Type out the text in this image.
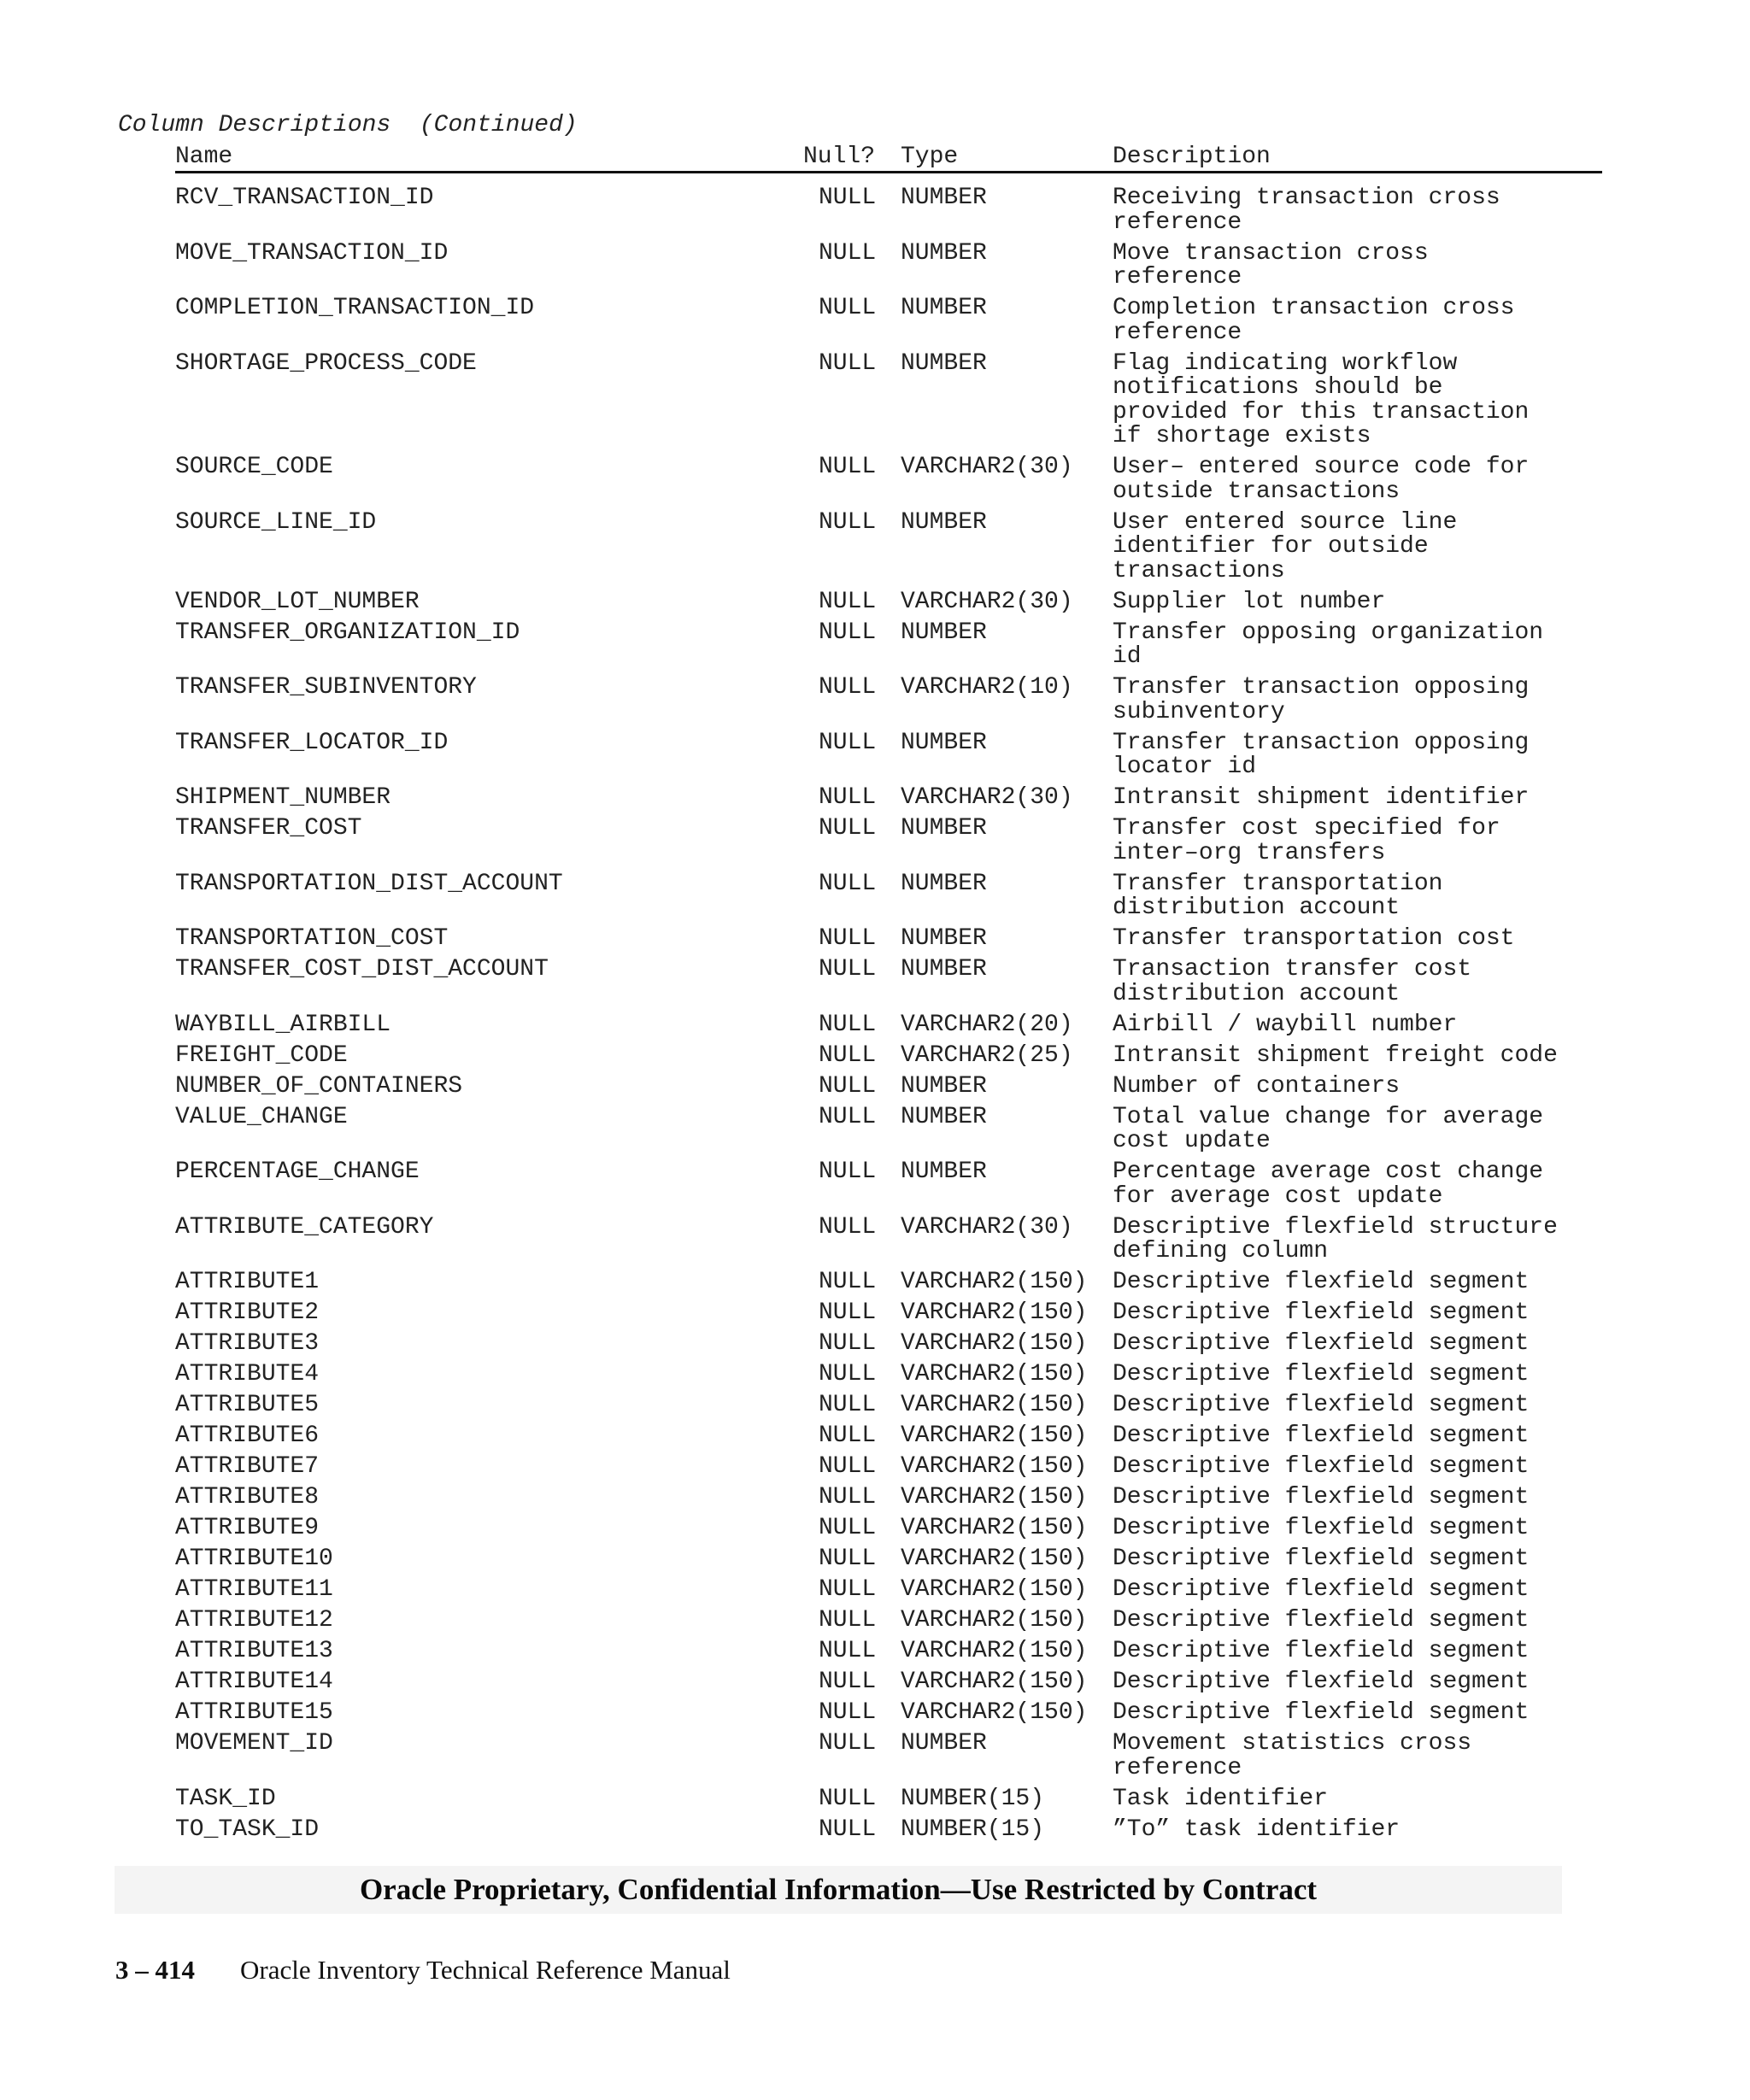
Column Descriptions  (Continued)
Name	Null? Type	Description
RCV_TRANSACTION_ID	NULL NUMBER	Receiving transaction cross
reference
MOVE_TRANSACTION_ID	NULL NUMBER	Move transaction cross
reference
COMPLETION_TRANSACTION_ID	NULL NUMBER	Completion transaction cross
reference
SHORTAGE_PROCESS_CODE	NULL NUMBER	Flag indicating workflow
notifications should be
provided for this transaction
if shortage exists
SOURCE_CODE	NULL VARCHAR2(30) User– entered source code for
outside transactions
SOURCE_LINE_ID	NULL NUMBER	User entered source line
identifier for outside
transactions
VENDOR_LOT_NUMBER	NULL VARCHAR2(30) Supplier lot number
TRANSFER_ORGANIZATION_ID	NULL NUMBER	Transfer opposing organization
id
TRANSFER_SUBINVENTORY	NULL VARCHAR2(10) Transfer transaction opposing
subinventory
TRANSFER_LOCATOR_ID	NULL NUMBER	Transfer transaction opposing
locator id
SHIPMENT_NUMBER	NULL VARCHAR2(30) Intransit shipment identifier
TRANSFER_COST	NULL NUMBER	Transfer cost specified for
inter–org transfers
TRANSPORTATION_DIST_ACCOUNT	NULL NUMBER	Transfer transportation
distribution account
TRANSPORTATION_COST	NULL NUMBER	Transfer transportation cost
TRANSFER_COST_DIST_ACCOUNT	NULL NUMBER	Transaction transfer cost
distribution account
WAYBILL_AIRBILL	NULL VARCHAR2(20) Airbill / waybill number
FREIGHT_CODE	NULL VARCHAR2(25) Intransit shipment freight code
NUMBER_OF_CONTAINERS	NULL NUMBER	Number of containers
VALUE_CHANGE	NULL NUMBER	Total value change for average
cost update
PERCENTAGE_CHANGE	NULL NUMBER	Percentage average cost change
for average cost update
ATTRIBUTE_CATEGORY	NULL VARCHAR2(30) Descriptive flexfield structure
defining column
ATTRIBUTE1	NULL VARCHAR2(150) Descriptive flexfield segment
ATTRIBUTE2	NULL VARCHAR2(150) Descriptive flexfield segment
ATTRIBUTE3	NULL VARCHAR2(150) Descriptive flexfield segment
ATTRIBUTE4	NULL VARCHAR2(150) Descriptive flexfield segment
ATTRIBUTE5	NULL VARCHAR2(150) Descriptive flexfield segment
ATTRIBUTE6	NULL VARCHAR2(150) Descriptive flexfield segment
ATTRIBUTE7	NULL VARCHAR2(150) Descriptive flexfield segment
ATTRIBUTE8	NULL VARCHAR2(150) Descriptive flexfield segment
ATTRIBUTE9	NULL VARCHAR2(150) Descriptive flexfield segment
ATTRIBUTE10	NULL VARCHAR2(150) Descriptive flexfield segment
ATTRIBUTE11	NULL VARCHAR2(150) Descriptive flexfield segment
ATTRIBUTE12	NULL VARCHAR2(150) Descriptive flexfield segment
ATTRIBUTE13	NULL VARCHAR2(150) Descriptive flexfield segment
ATTRIBUTE14	NULL VARCHAR2(150) Descriptive flexfield segment
ATTRIBUTE15	NULL VARCHAR2(150) Descriptive flexfield segment
MOVEMENT_ID	NULL NUMBER	Movement statistics cross
reference
TASK_ID	NULL NUMBER(15)	Task identifier
TO_TASK_ID	NULL NUMBER(15)	”To” task identifier
Oracle Proprietary, Confidential Information––Use Restricted by Contract
3 – 414 Oracle Inventory Technical Reference Manual
